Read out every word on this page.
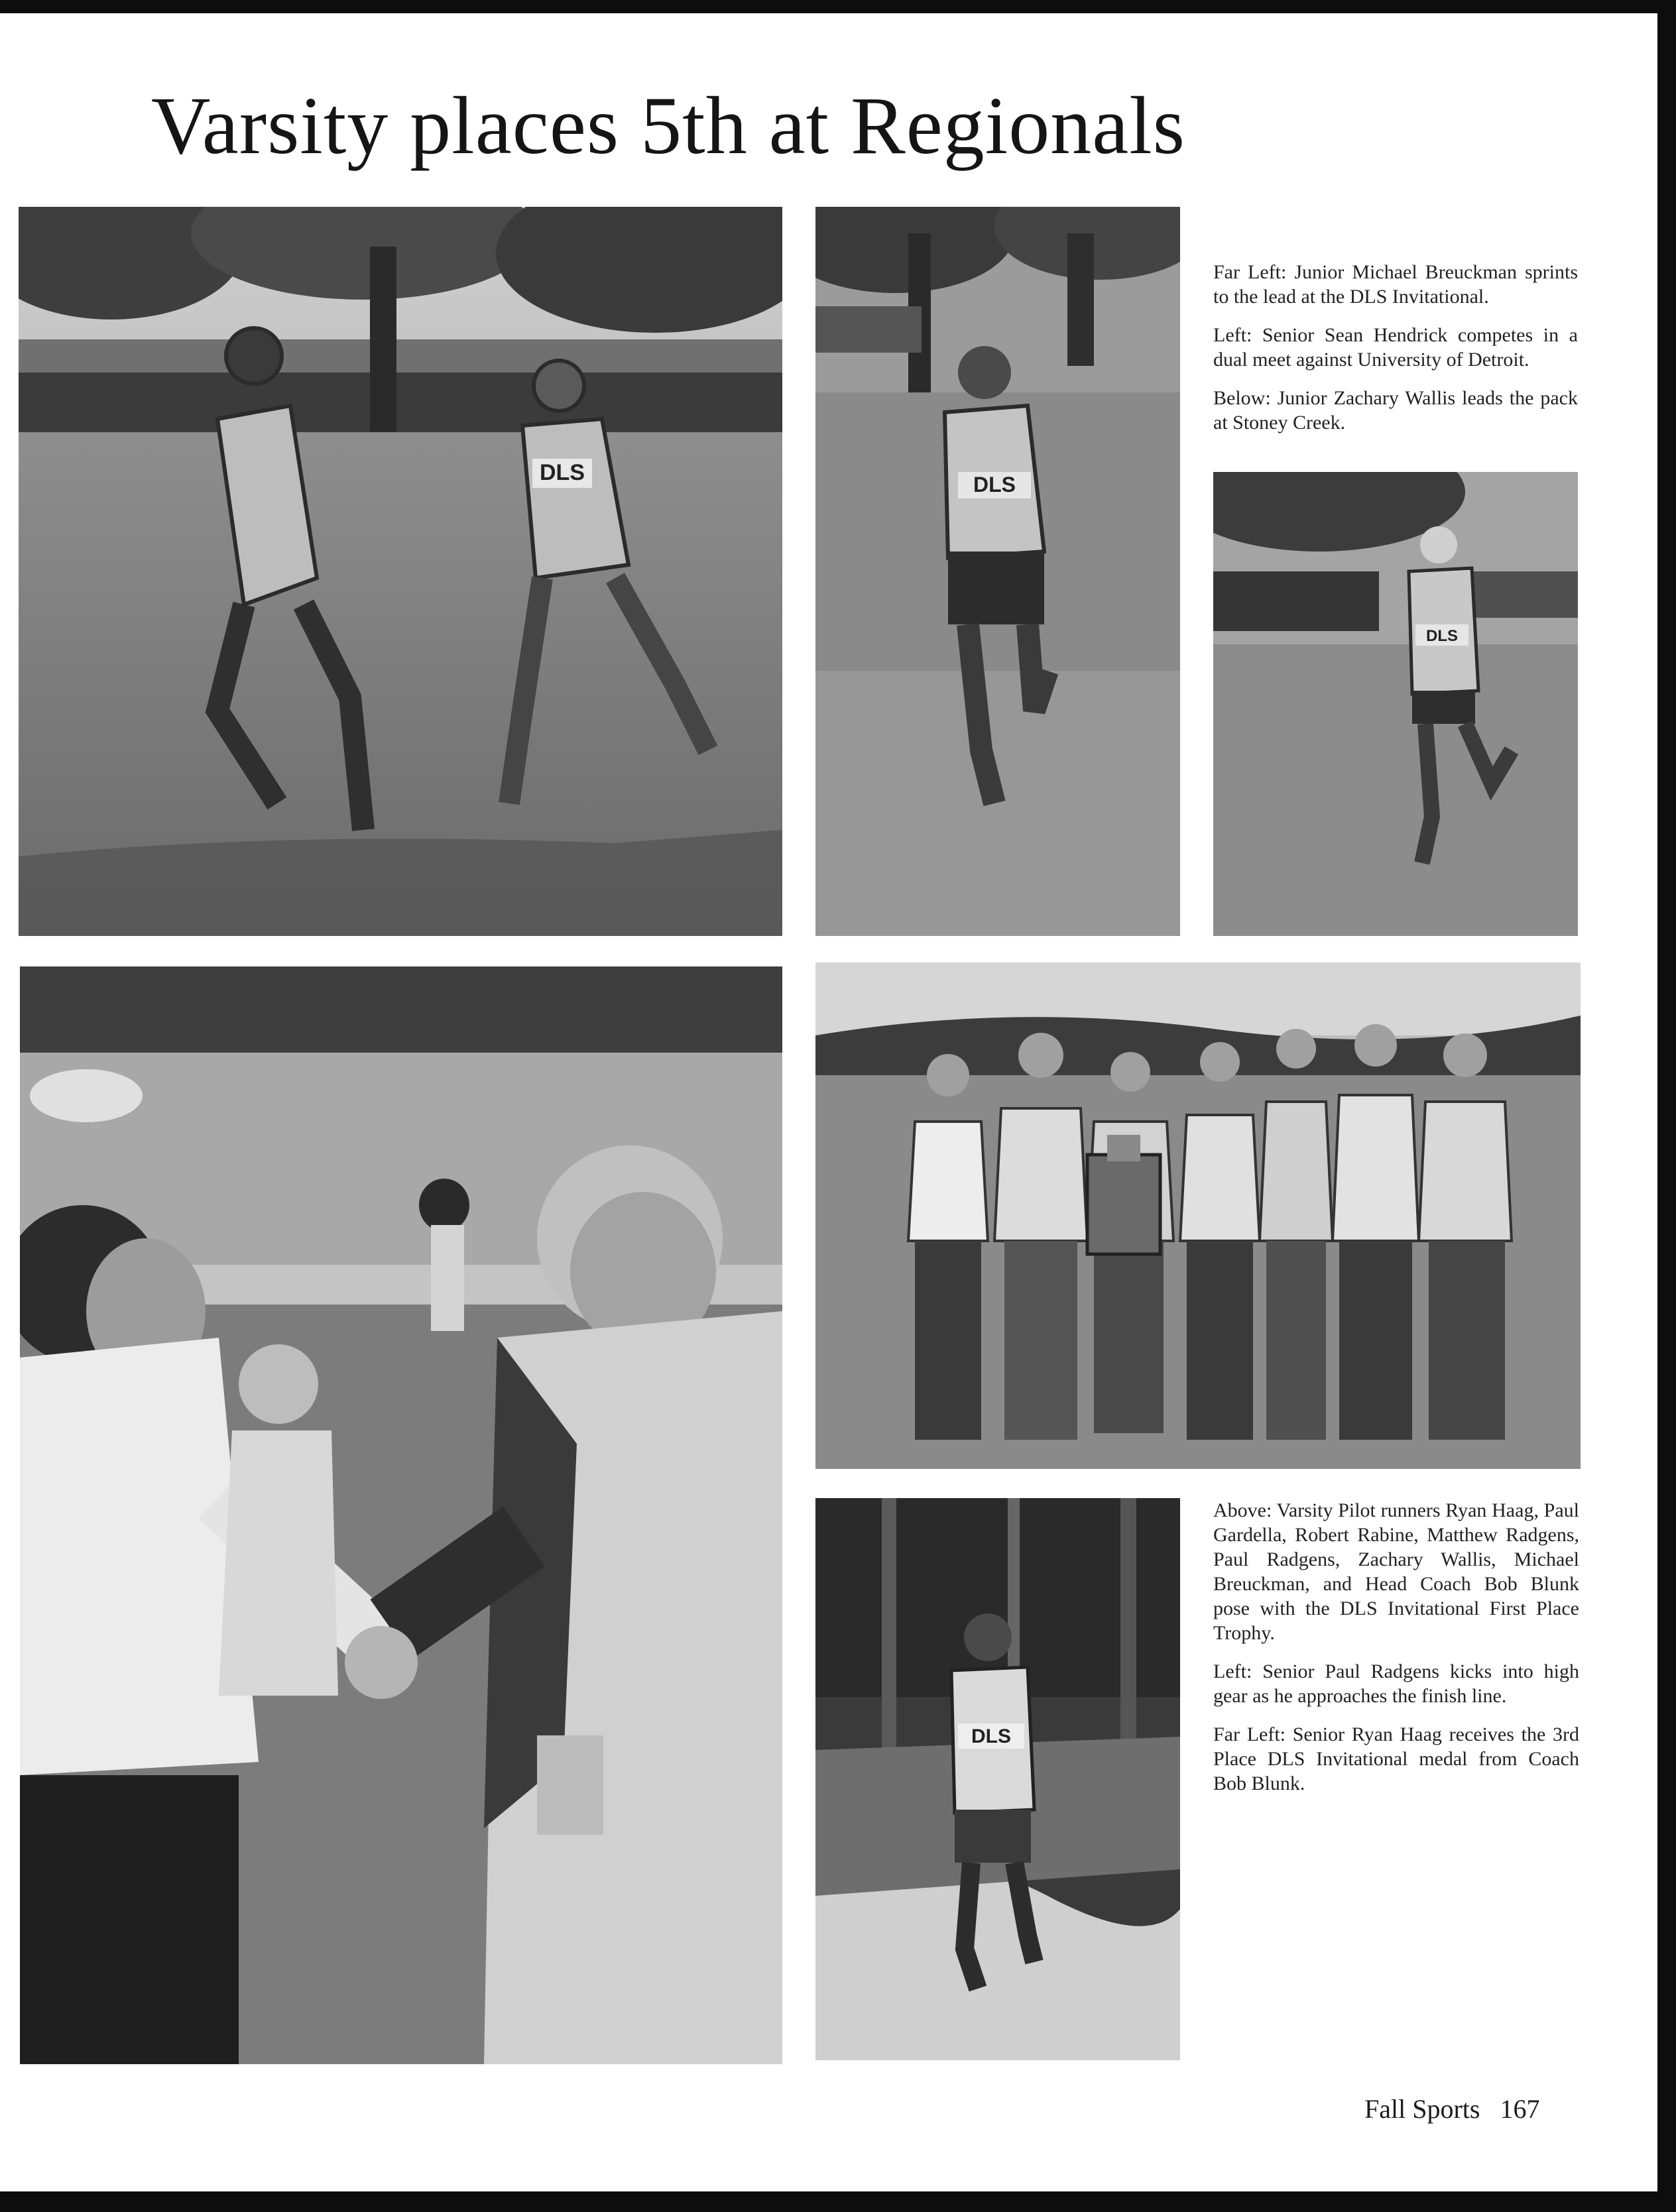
Varsity places 5th at Regionals
DLS	DLS
DLS
DLS

Far Left: Junior Michael Breuckman sprints to the lead at the DLS Invitational.

Left: Senior Sean Hendrick competes in a dual meet against University of Detroit.

Below: Junior Zachary Wallis leads the pack at Stoney Creek.

Above: Varsity Pilot runners Ryan Haag, Paul Gardella, Robert Rabine, Matthew Radgens, Paul Radgens, Zachary Wallis, Michael Breuckman, and Head Coach Bob Blunk pose with the DLS Invitational First Place Trophy.

Left: Senior Paul Radgens kicks into high gear as he approaches the finish line.

Far Left: Senior Ryan Haag receives the 3rd Place DLS Invitational medal from Coach Bob Blunk.

Fall Sports 167
